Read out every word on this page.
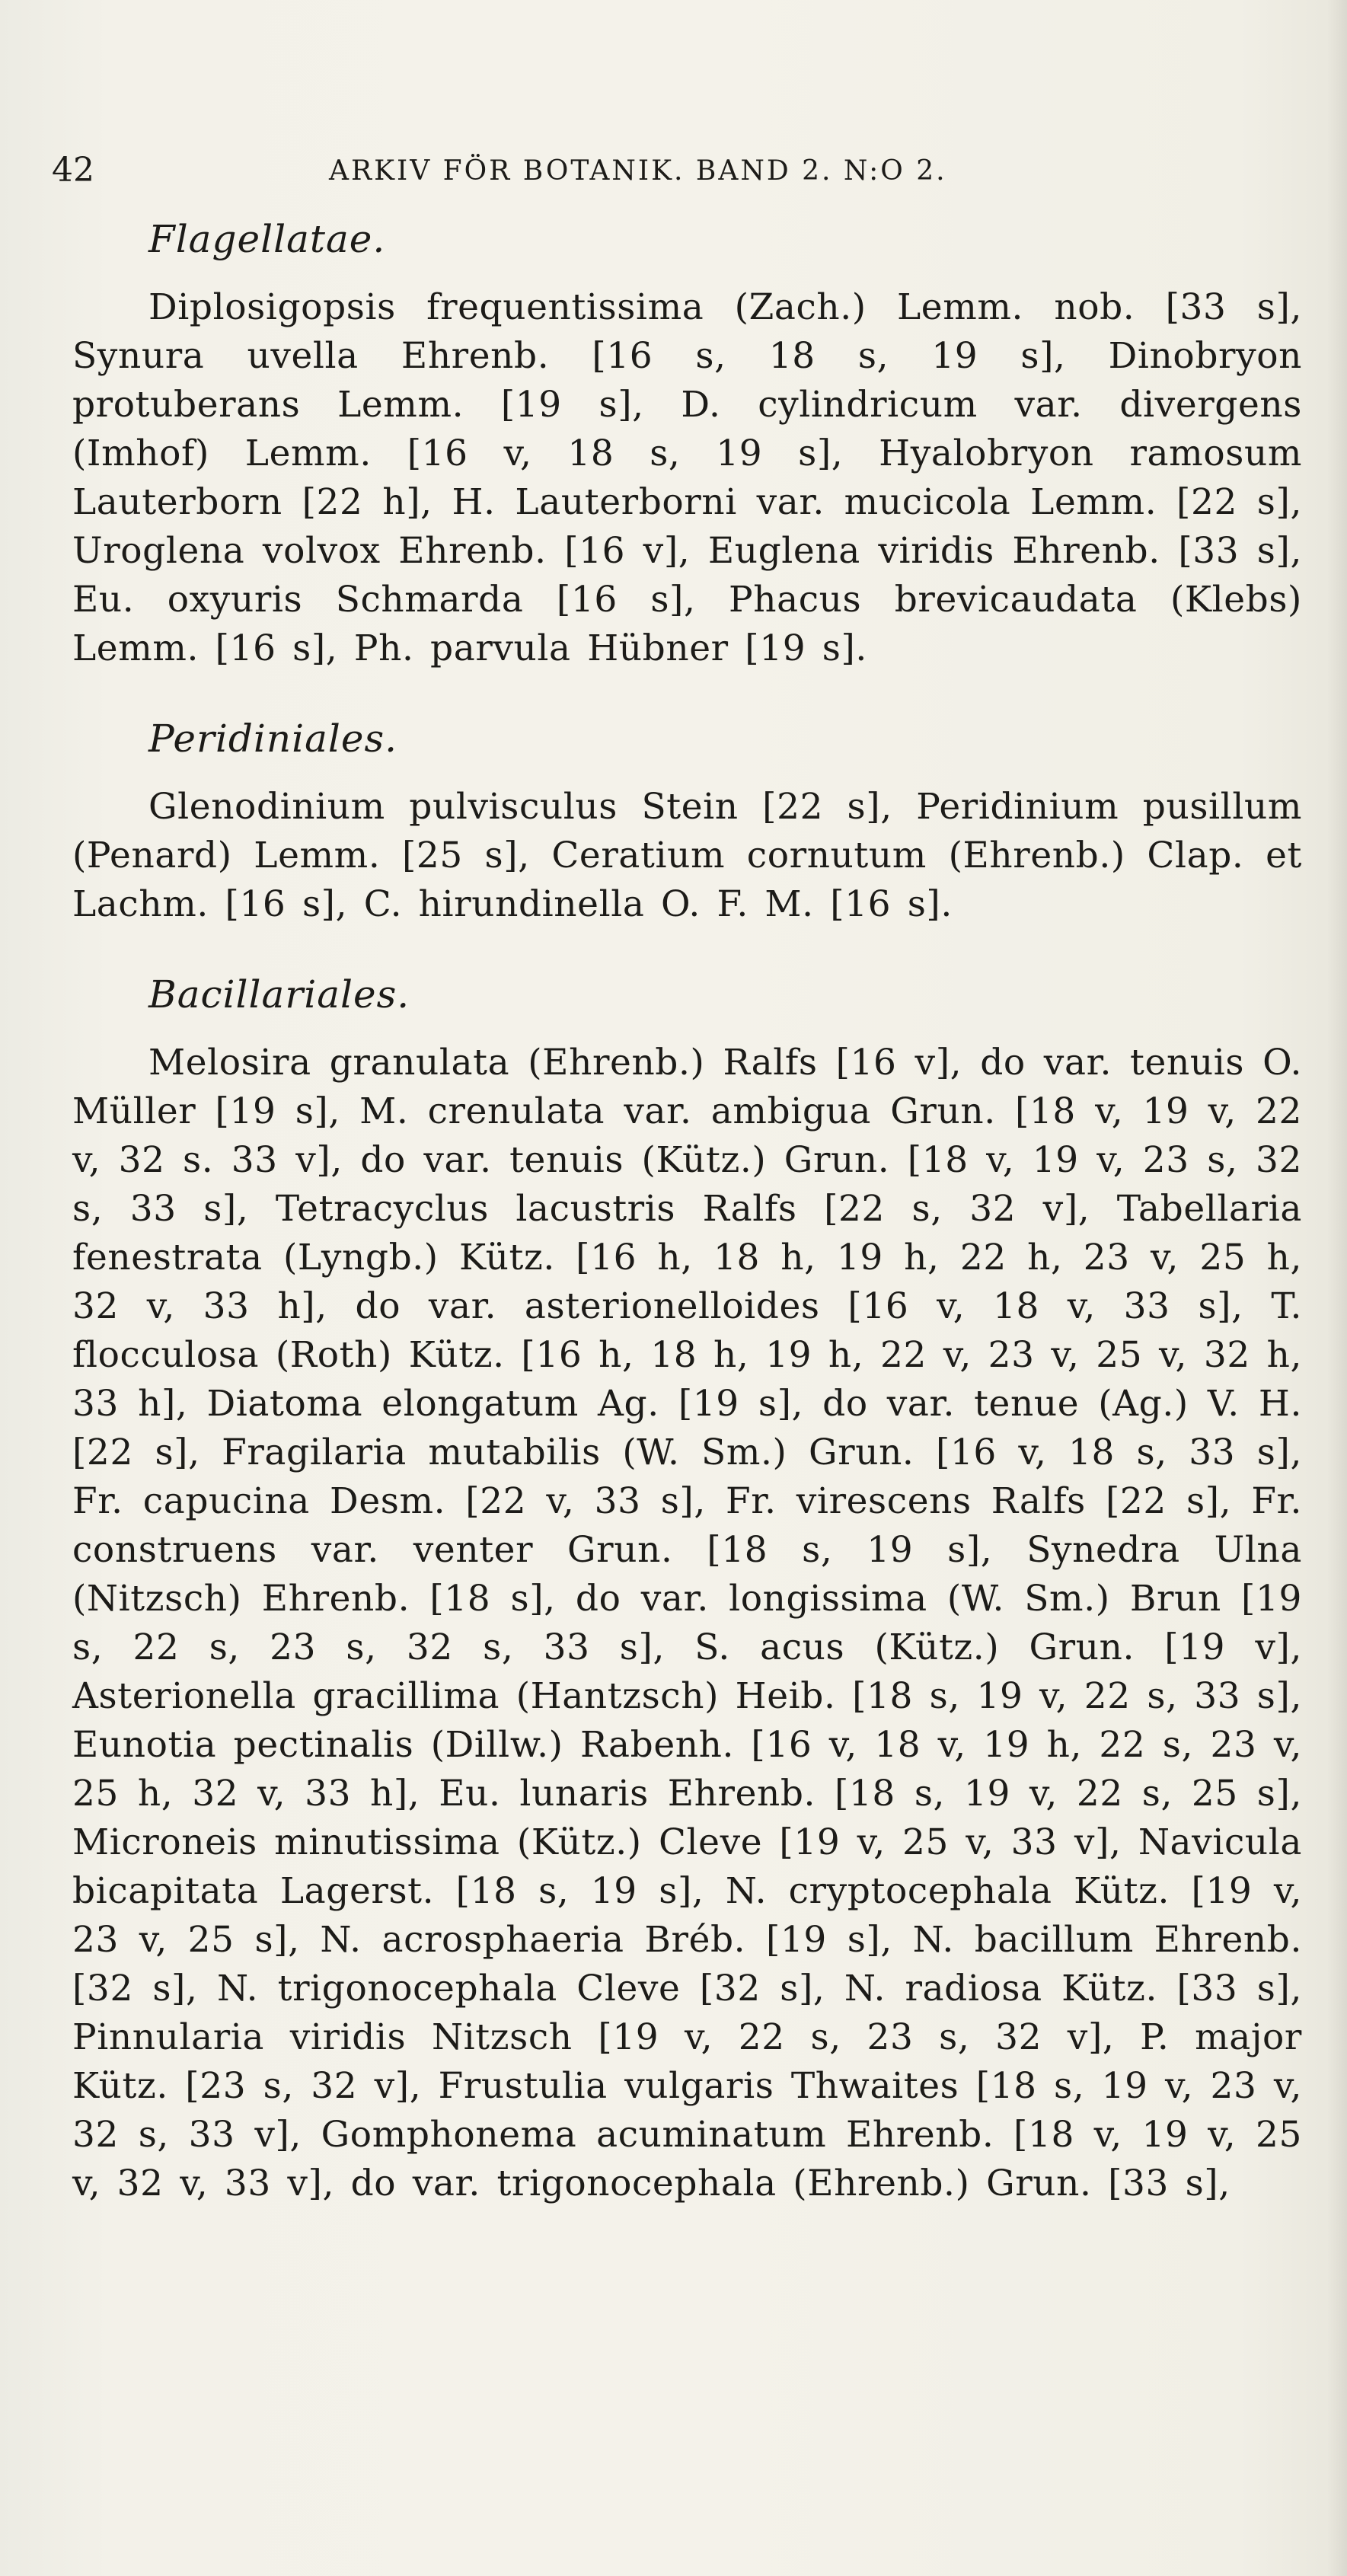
42	ARKIV FÖR BOTANIK. BAND 2. N:O 2.

Flagellatae.

Diplosigopsis frequentissima (Zach.) Lemm. nob. [33 s], Synura uvella Ehrenb. [16 s, 18 s, 19 s], Dinobryon protuberans Lemm. [19 s], D. cylindricum var. divergens (Imhof) Lemm. [16 v, 18 s, 19 s], Hyalobryon ramosum Lauterborn [22 h], H. Lauterborni var. mucicola Lemm. [22 s], Uroglena volvox Ehrenb. [16 v], Euglena viridis Ehrenb. [33 s], Eu. oxyuris Schmarda [16 s], Phacus brevicaudata (Klebs) Lemm. [16 s], Ph. parvula Hübner [19 s].

Peridiniales.

Glenodinium pulvisculus Stein [22 s], Peridinium pusillum (Penard) Lemm. [25 s], Ceratium cornutum (Ehrenb.) Clap. et Lachm. [16 s], C. hirundinella O. F. M. [16 s].

Bacillariales.

Melosira granulata (Ehrenb.) Ralfs [16 v], do var. tenuis O. Müller [19 s], M. crenulata var. ambigua Grun. [18 v, 19 v, 22 v, 32 s. 33 v], do var. tenuis (Kütz.) Grun. [18 v, 19 v, 23 s, 32 s, 33 s], Tetracyclus lacustris Ralfs [22 s, 32 v], Tabellaria fenestrata (Lyngb.) Kütz. [16 h, 18 h, 19 h, 22 h, 23 v, 25 h, 32 v, 33 h], do var. asterionelloides [16 v, 18 v, 33 s], T. flocculosa (Roth) Kütz. [16 h, 18 h, 19 h, 22 v, 23 v, 25 v, 32 h, 33 h], Diatoma elongatum Ag. [19 s], do var. tenue (Ag.) V. H. [22 s], Fragilaria mutabilis (W. Sm.) Grun. [16 v, 18 s, 33 s], Fr. capucina Desm. [22 v, 33 s], Fr. virescens Ralfs [22 s], Fr. construens var. venter Grun. [18 s, 19 s], Synedra Ulna (Nitzsch) Ehrenb. [18 s], do var. longissima (W. Sm.) Brun [19 s, 22 s, 23 s, 32 s, 33 s], S. acus (Kütz.) Grun. [19 v], Asterionella gracillima (Hantzsch) Heib. [18 s, 19 v, 22 s, 33 s], Eunotia pectinalis (Dillw.) Rabenh. [16 v, 18 v, 19 h, 22 s, 23 v, 25 h, 32 v, 33 h], Eu. lunaris Ehrenb. [18 s, 19 v, 22 s, 25 s], Microneis minutissima (Kütz.) Cleve [19 v, 25 v, 33 v], Navicula bicapitata Lagerst. [18 s, 19 s], N. cryptocephala Kütz. [19 v, 23 v, 25 s], N. acrosphaeria Bréb. [19 s], N. bacillum Ehrenb. [32 s], N. trigonocephala Cleve [32 s], N. radiosa Kütz. [33 s], Pinnularia viridis Nitzsch [19 v, 22 s, 23 s, 32 v], P. major Kütz. [23 s, 32 v], Frustulia vulgaris Thwaites [18 s, 19 v, 23 v, 32 s, 33 v], Gomphonema acuminatum Ehrenb. [18 v, 19 v, 25 v, 32 v, 33 v], do var. trigonocephala (Ehrenb.) Grun. [33 s],
